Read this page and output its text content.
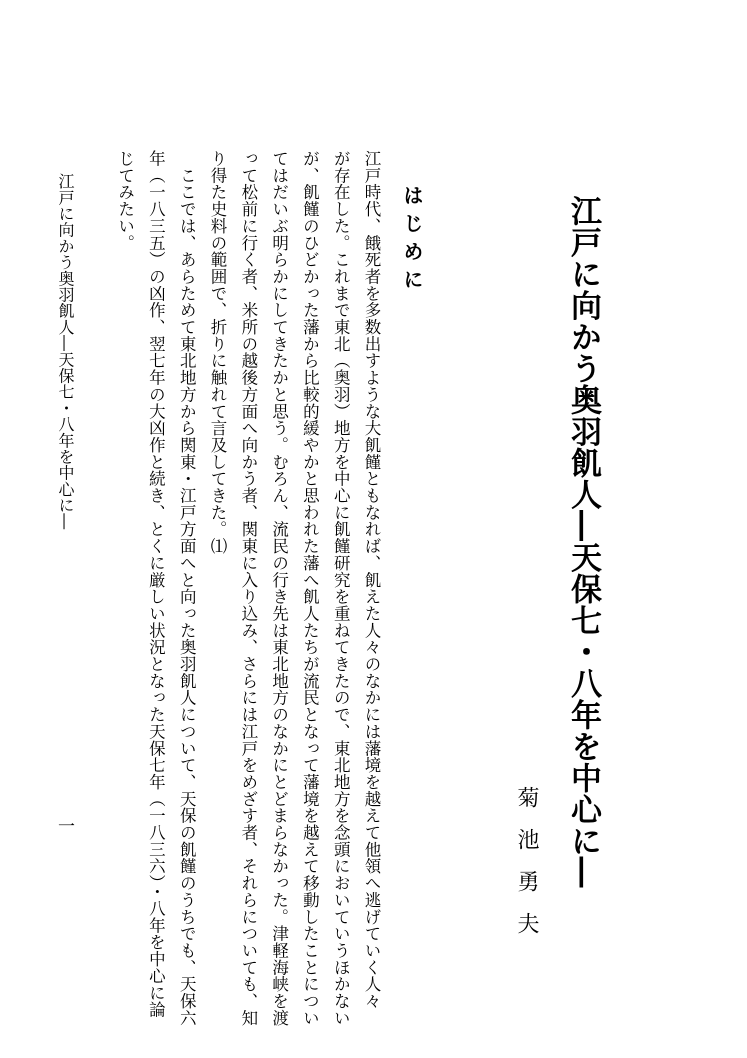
江戸に向かう奥羽飢人―天保七・八年を中心に―
菊池勇夫
はじめに
江戸時代、餓死者を多数出すような大飢饉ともなれば、飢えた人々のなかには藩境を越えて他領へ逃げていく人々
が存在した。これまで東北（奥羽）地方を中心に飢饉研究を重ねてきたので、東北地方を念頭においていうほかない
が、飢饉のひどかった藩から比較的緩やかと思われた藩へ飢人たちが流民となって藩境を越えて移動したことについ
てはだいぶ明らかにしてきたかと思う。むろん、流民の行き先は東北地方のなかにとどまらなかった。津軽海峡を渡
って松前に行く者、米所の越後方面へ向かう者、関東に入り込み、さらには江戸をめざす者、それらについても、知
り得た史料の範囲で、折りに触れて言及してきた。⑴
　ここでは、あらためて東北地方から関東・江戸方面へと向った奥羽飢人について、天保の飢饉のうちでも、天保六
年（一八三五）の凶作、翌七年の大凶作と続き、とくに厳しい状況となった天保七年（一八三六）・八年を中心に論
じてみたい。
江戸に向かう奥羽飢人―天保七・八年を中心に―
一
